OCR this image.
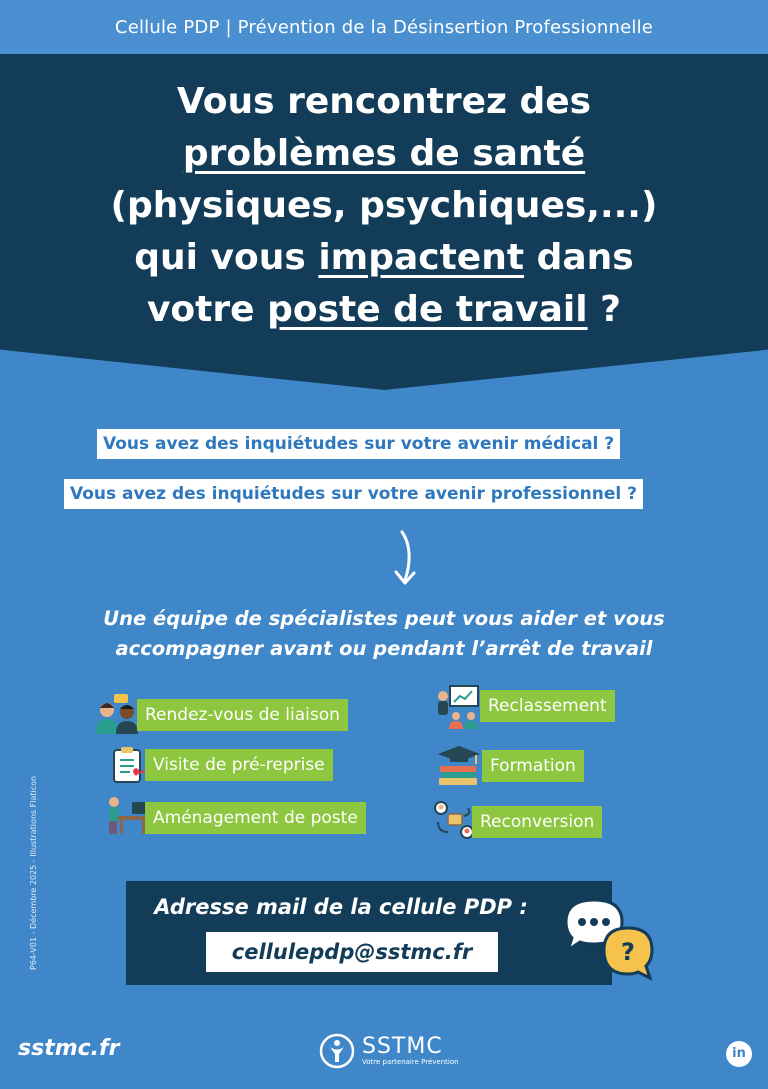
Cellule PDP | Prévention de la Désinsertion Professionnelle
Vous rencontrez des
problèmes de santé
(physiques, psychiques,...)
qui vous impactent dans
votre poste de travail ?
Vous avez des inquiétudes sur votre avenir médical ?
Vous avez des inquiétudes sur votre avenir professionnel ?
Une équipe de spécialistes peut vous aider et vous
accompagner avant ou pendant l’arrêt de travail
Rendez-vous de liaison
Visite de pré-reprise
Aménagement de poste
Reclassement
Formation
Reconversion
Adresse mail de la cellule PDP :
cellulepdp@sstmc.fr	?
P64-V01 - Décembre 2025 - Illustrations Flaticon
sstmc.fr	SSTMC
Votre partenaire Prévention
in
